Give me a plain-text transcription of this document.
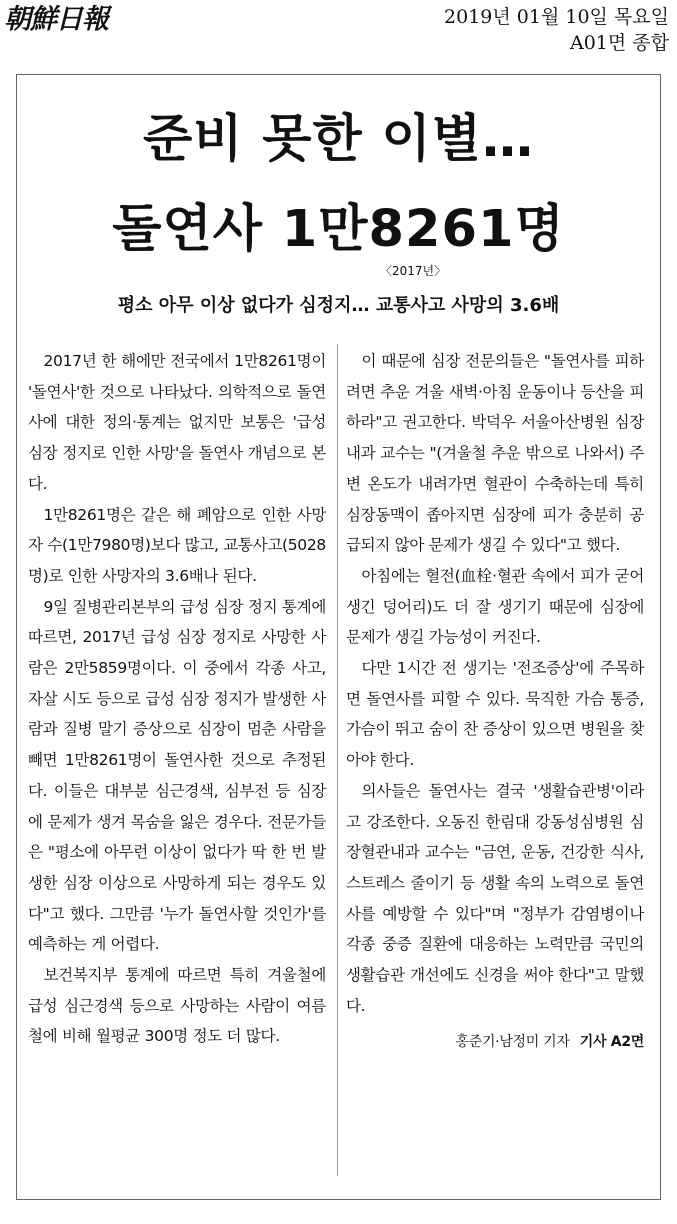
朝鮮日報	2019년 01월 10일 목요일
A01면 종합
준비 못한 이별…
돌연사 1만8261명
〈2017년〉
평소 아무 이상 없다가 심정지… 교통사고 사망의 3.6배

2017년 한 해에만 전국에서 1만8261명이 '돌연사'한 것으로 나타났다. 의학적으로 돌연사에 대한 정의·통계는 없지만 보통은 '급성 심장 정지로 인한 사망'을 돌연사 개념으로 본다.

1만8261명은 같은 해 폐암으로 인한 사망자 수(1만7980명)보다 많고, 교통사고(5028명)로 인한 사망자의 3.6배나 된다.

9일 질병관리본부의 급성 심장 정지 통계에 따르면, 2017년 급성 심장 정지로 사망한 사람은 2만5859명이다. 이 중에서 각종 사고, 자살 시도 등으로 급성 심장 정지가 발생한 사람과 질병 말기 증상으로 심장이 멈춘 사람을 빼면 1만8261명이 돌연사한 것으로 추정된다. 이들은 대부분 심근경색, 심부전 등 심장에 문제가 생겨 목숨을 잃은 경우다. 전문가들은 "평소에 아무런 이상이 없다가 딱 한 번 발생한 심장 이상으로 사망하게 되는 경우도 있다"고 했다. 그만큼 '누가 돌연사할 것인가'를 예측하는 게 어렵다.

보건복지부 통계에 따르면 특히 겨울철에 급성 심근경색 등으로 사망하는 사람이 여름철에 비해 월평균 300명 정도 더 많다.

이 때문에 심장 전문의들은 "돌연사를 피하려면 추운 겨울 새벽·아침 운동이나 등산을 피하라"고 권고한다. 박덕우 서울아산병원 심장내과 교수는 "(겨울철 추운 밖으로 나와서) 주변 온도가 내려가면 혈관이 수축하는데 특히 심장동맥이 좁아지면 심장에 피가 충분히 공급되지 않아 문제가 생길 수 있다"고 했다.

아침에는 혈전(血栓·혈관 속에서 피가 굳어 생긴 덩어리)도 더 잘 생기기 때문에 심장에 문제가 생길 가능성이 커진다.

다만 1시간 전 생기는 '전조증상'에 주목하면 돌연사를 피할 수 있다. 묵직한 가슴 통증, 가슴이 뛰고 숨이 찬 증상이 있으면 병원을 찾아야 한다.

의사들은 돌연사는 결국 '생활습관병'이라고 강조한다. 오동진 한림대 강동성심병원 심장혈관내과 교수는 "금연, 운동, 건강한 식사, 스트레스 줄이기 등 생활 속의 노력으로 돌연사를 예방할 수 있다"며 "정부가 감염병이나 각종 중증 질환에 대응하는 노력만큼 국민의 생활습관 개선에도 신경을 써야 한다"고 말했다.

홍준기·남정미 기자 기사 A2면
